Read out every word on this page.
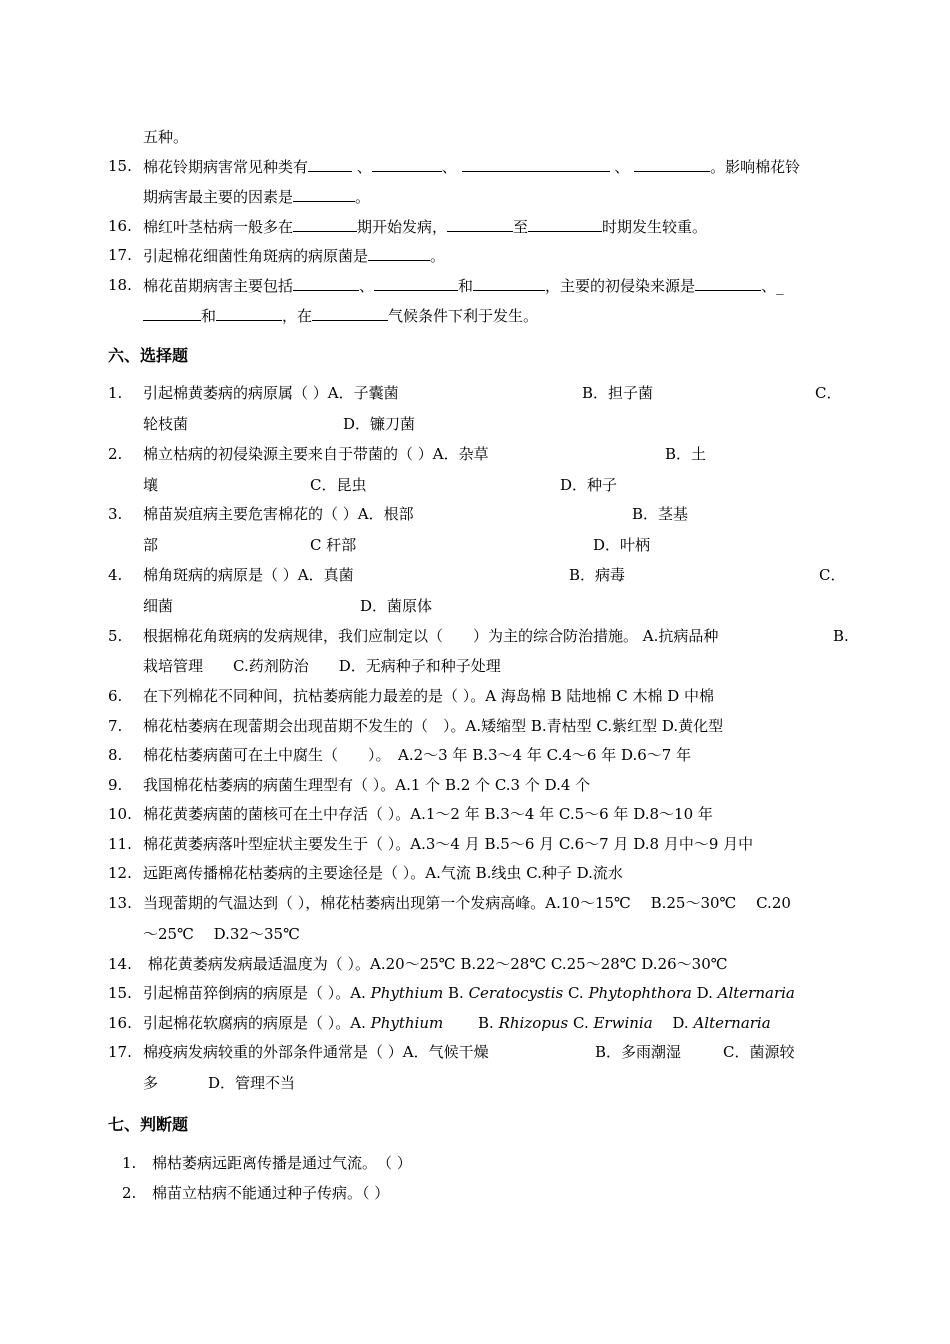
五种。
15. 棉花铃期病害常见种类有	、	、	、	。影响棉花铃
期病害最主要的因素是	。
16. 棉红叶茎枯病一般多在	期开始发病，	至	时期发生较重。
17. 引起棉花细菌性角斑病的病原菌是	。
18. 棉花苗期病害主要包括	、	和	，主要的初侵染来源是	、_
和	，在	气候条件下利于发生。
六、选择题
1. 引起棉黄萎病的病原属（ ）A．子囊菌	B．担子菌	C．
轮枝菌	D．镰刀菌
2. 棉立枯病的初侵染源主要来自于带菌的（ ）A．杂草	B．土
壤	C．昆虫	D．种子
3. 棉苗炭疽病主要危害棉花的（ ）A．根部	B．茎基
部	C 秆部	D．叶柄
4. 棉角斑病的病原是（ ）A．真菌	B．病毒	C．
细菌	D．菌原体
5. 根据棉花角斑病的发病规律，我们应制定以（　　）为主的综合防治措施。 A.抗病品种	B.
栽培管理　　C.药剂防治　　D．无病种子和种子处理
6. 在下列棉花不同种间，抗枯萎病能力最差的是（ ）。A 海岛棉 B 陆地棉 C 木棉 D 中棉
7. 棉花枯萎病在现蕾期会出现苗期不发生的（　）。A.矮缩型 B.青枯型 C.紫红型 D.黄化型
8. 棉花枯萎病菌可在土中腐生（　　）。　A.2～3 年 B.3～4 年 C.4～6 年 D.6～7 年
9. 我国棉花枯萎病的病菌生理型有（ ）。A.1 个 B.2 个 C.3 个 D.4 个
10. 棉花黄萎病菌的菌核可在土中存活（ ）。A.1～2 年 B.3～4 年 C.5～6 年 D.8～10 年
11. 棉花黄萎病落叶型症状主要发生于（ ）。A.3～4 月 B.5～6 月 C.6～7 月 D.8 月中～9 月中
12. 远距离传播棉花枯萎病的主要途径是（ ）。A.气流 B.线虫 C.种子 D.流水
13. 当现蕾期的气温达到（ ），棉花枯萎病出现第一个发病高峰。A.10～15℃　 B.25～30℃　 C.20
～25℃　 D.32～35℃
14. 棉花黄萎病发病最适温度为（ ）。A.20～25℃ B.22～28℃ C.25～28℃ D.26～30℃
15. 引起棉苗猝倒病的病原是（ ）。A. Phythium B. Ceratocystis C. Phytophthora D. Alternaria
16. 引起棉花软腐病的病原是（ ）。A. Phythium　　 B. Rhizopus C. Erwinia　 D. Alternaria
17. 棉疫病发病较重的外部条件通常是（ ）A．气候干燥	B．多雨潮湿	C．菌源较
多	D．管理不当
七、判断题
1. 棉枯萎病远距离传播是通过气流。　（ ）
2. 棉苗立枯病不能通过种子传病。（ ）
